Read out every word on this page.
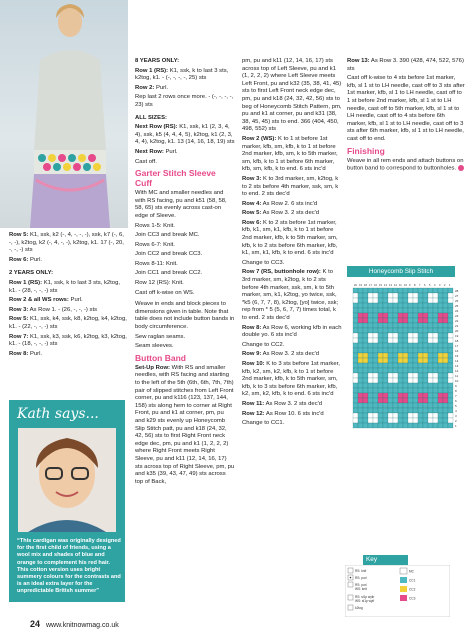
Row 5: K1, ssk, k2 (-, 4, -, -, -), ssk, k7 (-, 6, -, -), k2tog, k2 (-, 4, -, -), k2tog, k1. 17 (-, 20, -, -, -) sts

Row 6: Purl.

2 YEARS ONLY:

Row 1 (RS): K1, ssk, k to last 3 sts, k2tog, k1. - (28, -, -, -) sts

Row 2 & all WS rows: Purl.

Row 3: As Row 1. - (26, -, -, -) sts

Row 5: K1, ssk, k4, ssk, k8, k2tog, k4, k2tog, k1. - (22, -, -, -) sts

Row 7: K1, ssk, k3, ssk, k6, k2tog, k3, k2tog, k1. - (18, -, -, -) sts

Row 8: Purl.

Kath says...
“This cardigan was originally designed for the first child of friends, using a wool mix and shades of blue and orange to complement his red hair. This cotton version uses bright summery colours for the contrasts and is an ideal extra layer for the unpredictable British summer”

8 YEARS ONLY:

Row 1 (RS): K1, ssk, k to last 3 sts, k2tog, k1. - (-, -, -, -, 25) sts

Row 2: Purl.

Rep last 2 rows once more. - (-, -, -, -, 23) sts

ALL SIZES:

Next Row (RS): K1, ssk, k1 (2, 3, 4, 4), ssk, k5 (4, 4, 4, 5), k2tog, k1 (2, 3, 4, 4), k2tog, k1. 13 (14, 16, 18, 19) sts

Next Row: Purl.

Cast off.

Garter Stitch Sleeve Cuff

With MC and smaller needles and with RS facing, pu and k51 (58, 58, 58, 65) sts evenly across cast-on edge of Sleeve.

Rows 1-5: Knit.

Join CC3 and break MC.

Rows 6-7: Knit.

Join CC2 and break CC3.

Rows 8-11: Knit.

Join CC1 and break CC2.

Row 12 (RS): Knit.

Cast off k-wise on WS.

Weave in ends and block pieces to dimensions given in table. Note that table does not include button bands in body circumference.

Sew raglan seams.

Seam sleeves.

Button Band

Set-Up Row: With RS and smaller needles, with RS facing and starting to the left of the 5th (6th, 6th, 7th, 7th) pair of slipped stitches from Left Front corner, pu and k116 (123, 137, 144, 158) sts along hem to corner at Right Front, pu and k1 at corner, pm, pu and k29 sts evenly up Honeycomb Slip Stitch patt, pu and k18 (24, 32, 42, 56) sts to first Right Front neck edge dec, pm, pu and k1 (1, 2, 2, 2) where Right Front meets Right Sleeve, pu and k11 (12, 14, 16, 17) sts across top of Right Sleeve, pm, pu and k35 (39, 43, 47, 49) sts across top of Back,

pm, pu and k11 (12, 14, 16, 17) sts across top of Left Sleeve, pu and k1 (1, 2, 2, 2) where Left Sleeve meets Left Front, pu and k32 (35, 38, 41, 45) sts to first Left Front neck edge dec, pm, pu and k18 (24, 32, 42, 56) sts to beg of Honeycomb Stitch Pattern, pm, pu and k1 at corner, pu and k31 (38, 38, 45, 45) sts to end. 366 (404, 450, 498, 552) sts

Row 2 (WS): K to 1 st before 1st marker, kfb, sm, kfb, k to 1 st before 2nd marker, kfb, sm, k to 5th marker, sm, kfb, k to 1 st before 6th marker, kfb, sm, kfb, k to end. 6 sts inc'd

Row 3: K to 3rd marker, sm, k2tog, k to 2 sts before 4th marker, ssk, sm, k to end. 2 sts dec'd

Row 4: As Row 2. 6 sts inc'd

Row 5: As Row 3. 2 sts dec'd

Row 6: K to 2 sts before 1st marker, kfb, k1, sm, k1, kfb, k to 1 st before 2nd marker, kfb, k to 5th marker, sm, kfb, k to 2 sts before 6th marker, kfb, k1, sm, k1, kfb, k to end. 6 sts inc'd

Change to CC3.

Row 7 (RS, buttonhole row): K to 3rd marker, sm, k2tog, k to 2 sts before 4th marker, ssk, sm, k to 5th marker, sm, k1, k2tog, yo twice, ssk, *k5 (6, 7, 7, 8), k2tog, [yo] twice, ssk; rep from * 5 (5, 6, 7, 7) times total, k to end. 2 sts dec'd

Row 8: As Row 6, working kfb in each double yo. 6 sts inc'd

Change to CC2.

Row 9: As Row 3. 2 sts dec'd

Row 10: K to 3 sts before 1st marker, kfb, k2, sm, k2, kfb, k to 1 st before 2nd marker, kfb, k to 5th marker, sm, kfb, k to 3 sts before 6th marker, kfb, k2, sm, k2, kfb, k to end. 6 sts inc'd

Row 11: As Row 3. 2 sts dec'd

Row 12: As Row 10. 6 sts inc'd

Change to CC1.

Row 13: As Row 3. 390 (428, 474, 522, 576) sts

Cast off k-wise to 4 sts before 1st marker, kfb, sl 1 st to LH needle, cast off to 3 sts after 1st marker, kfb, sl 1 to LH needle, cast off to 1 st before 2nd marker, kfb, sl 1 st to LH needle, cast off to 5th marker, kfb, sl 1 st to LH needle, cast off to 4 sts before 6th marker, kfb, sl 1 st to LH needle, cast off to 3 sts after 6th marker, kfb, sl 1 st to LH needle, cast off to end.

Finishing

Weave in all rem ends and attach buttons on button band to correspond to buttonholes.

Honeycomb Slip Stitch
28
27
26
25
24
23
22
21
20
19
18
17
16
15
14
13
12
11
10
9
8
7
6
5
4
3
2
1
20 19 18 17 16 15 14 13 12 11 10 9 8 7 6 5 4 3 2 1
Key
RS: knit
RS: purl
RS: purl
WS: knit
RS: sl1p wyib
WS: sl1p wyif
k2tog
MC
CC1
CC2
CC3
24 www.knitnowmag.co.uk
